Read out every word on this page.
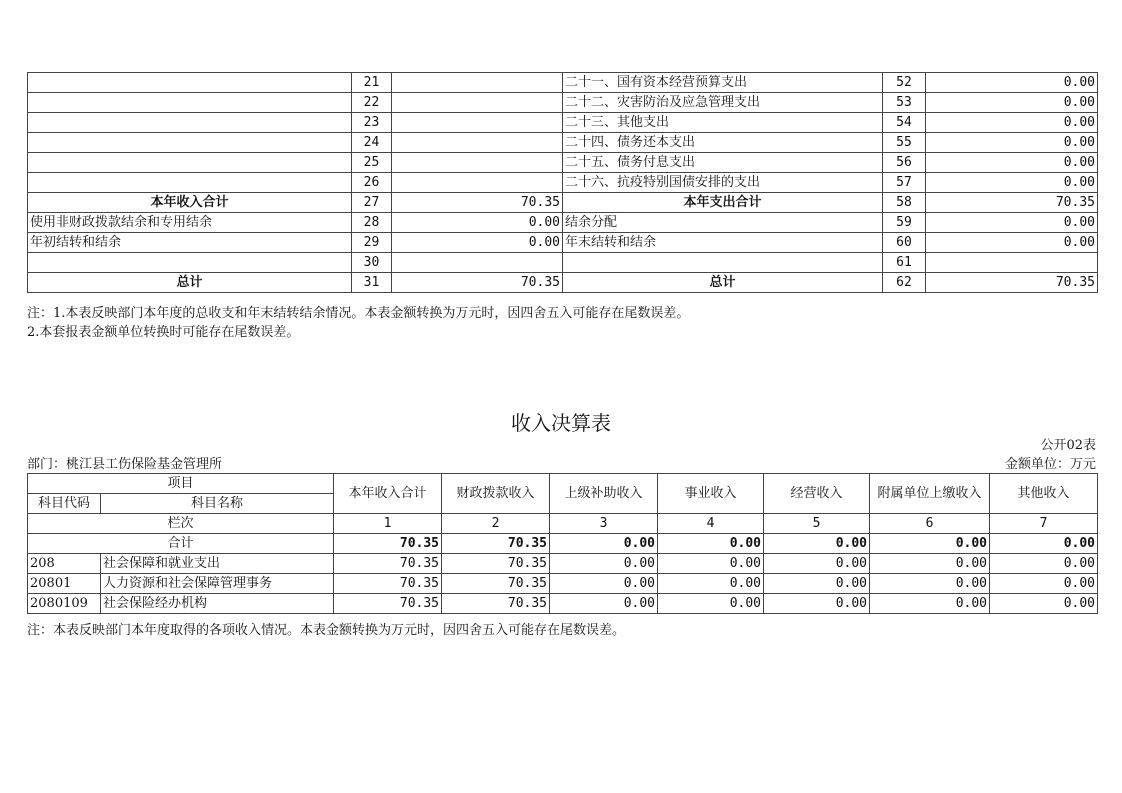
	21		二十一、国有资本经营预算支出	52	0.00
	22		二十二、灾害防治及应急管理支出	53	0.00
	23		二十三、其他支出	54	0.00
	24		二十四、债务还本支出	55	0.00
	25		二十五、债务付息支出	56	0.00
	26		二十六、抗疫特别国债安排的支出	57	0.00
本年收入合计	27	70.35	本年支出合计	58	70.35
使用非财政拨款结余和专用结余	28	0.00	结余分配	59	0.00
年初结转和结余	29	0.00	年末结转和结余	60	0.00
	30			61	
总计	31	70.35	总计	62	70.35
注：1.本表反映部门本年度的总收支和年末结转结余情况。本表金额转换为万元时，因四舍五入可能存在尾数误差。
2.本套报表金额单位转换时可能存在尾数误差。
收入决算表
公开02表
部门：桃江县工伤保险基金管理所	金额单位：万元
项目		本年收入合计	财政拨款收入	上级补助收入	事业收入	经营收入	附属单位上缴收入	其他收入
科目代码	科目名称							
栏次		1	2	3	4	5	6	7
合计		70.35	70.35	0.00	0.00	0.00	0.00	0.00
208	社会保障和就业支出	70.35	70.35	0.00	0.00	0.00	0.00	0.00
20801	人力资源和社会保障管理事务	70.35	70.35	0.00	0.00	0.00	0.00	0.00
2080109	社会保险经办机构	70.35	70.35	0.00	0.00	0.00	0.00	0.00
注：本表反映部门本年度取得的各项收入情况。本表金额转换为万元时，因四舍五入可能存在尾数误差。
